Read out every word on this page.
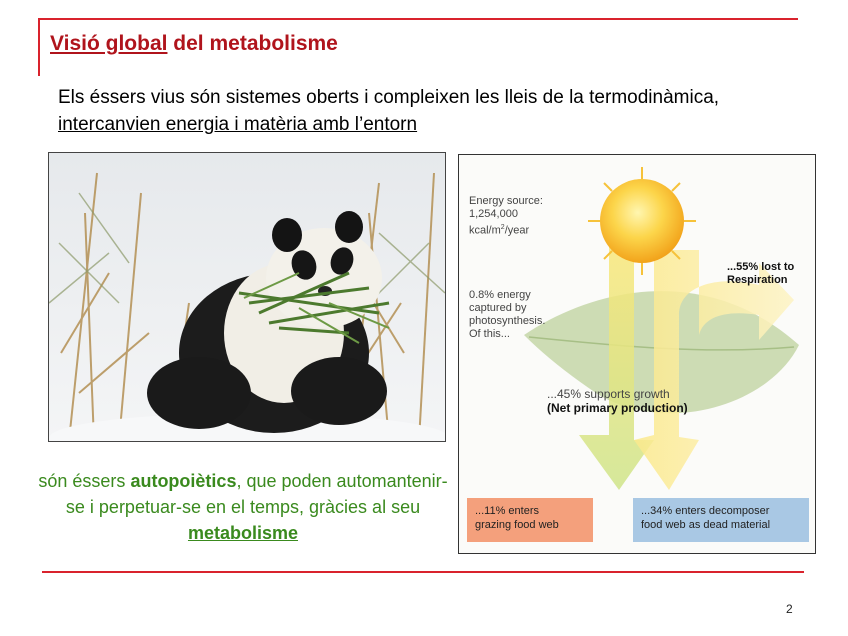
Visió global del metabolisme
Els éssers vius són sistemes oberts i compleixen les lleis de la termodinàmica,
intercanvien energia i matèria amb l’entorn
són éssers autopoiètics, que poden automantenir-se i perpetuar-se en el temps, gràcies al seu metabolisme
Energy source:
1,254,000
kcal/$m^2$/year
0.8% energy
captured by
photosynthesis.
Of this...
...55% lost to
Respiration
...45% supports growth
(Net primary production)
...11% enters
grazing food web
...34% enters decomposer
food web as dead material
2
